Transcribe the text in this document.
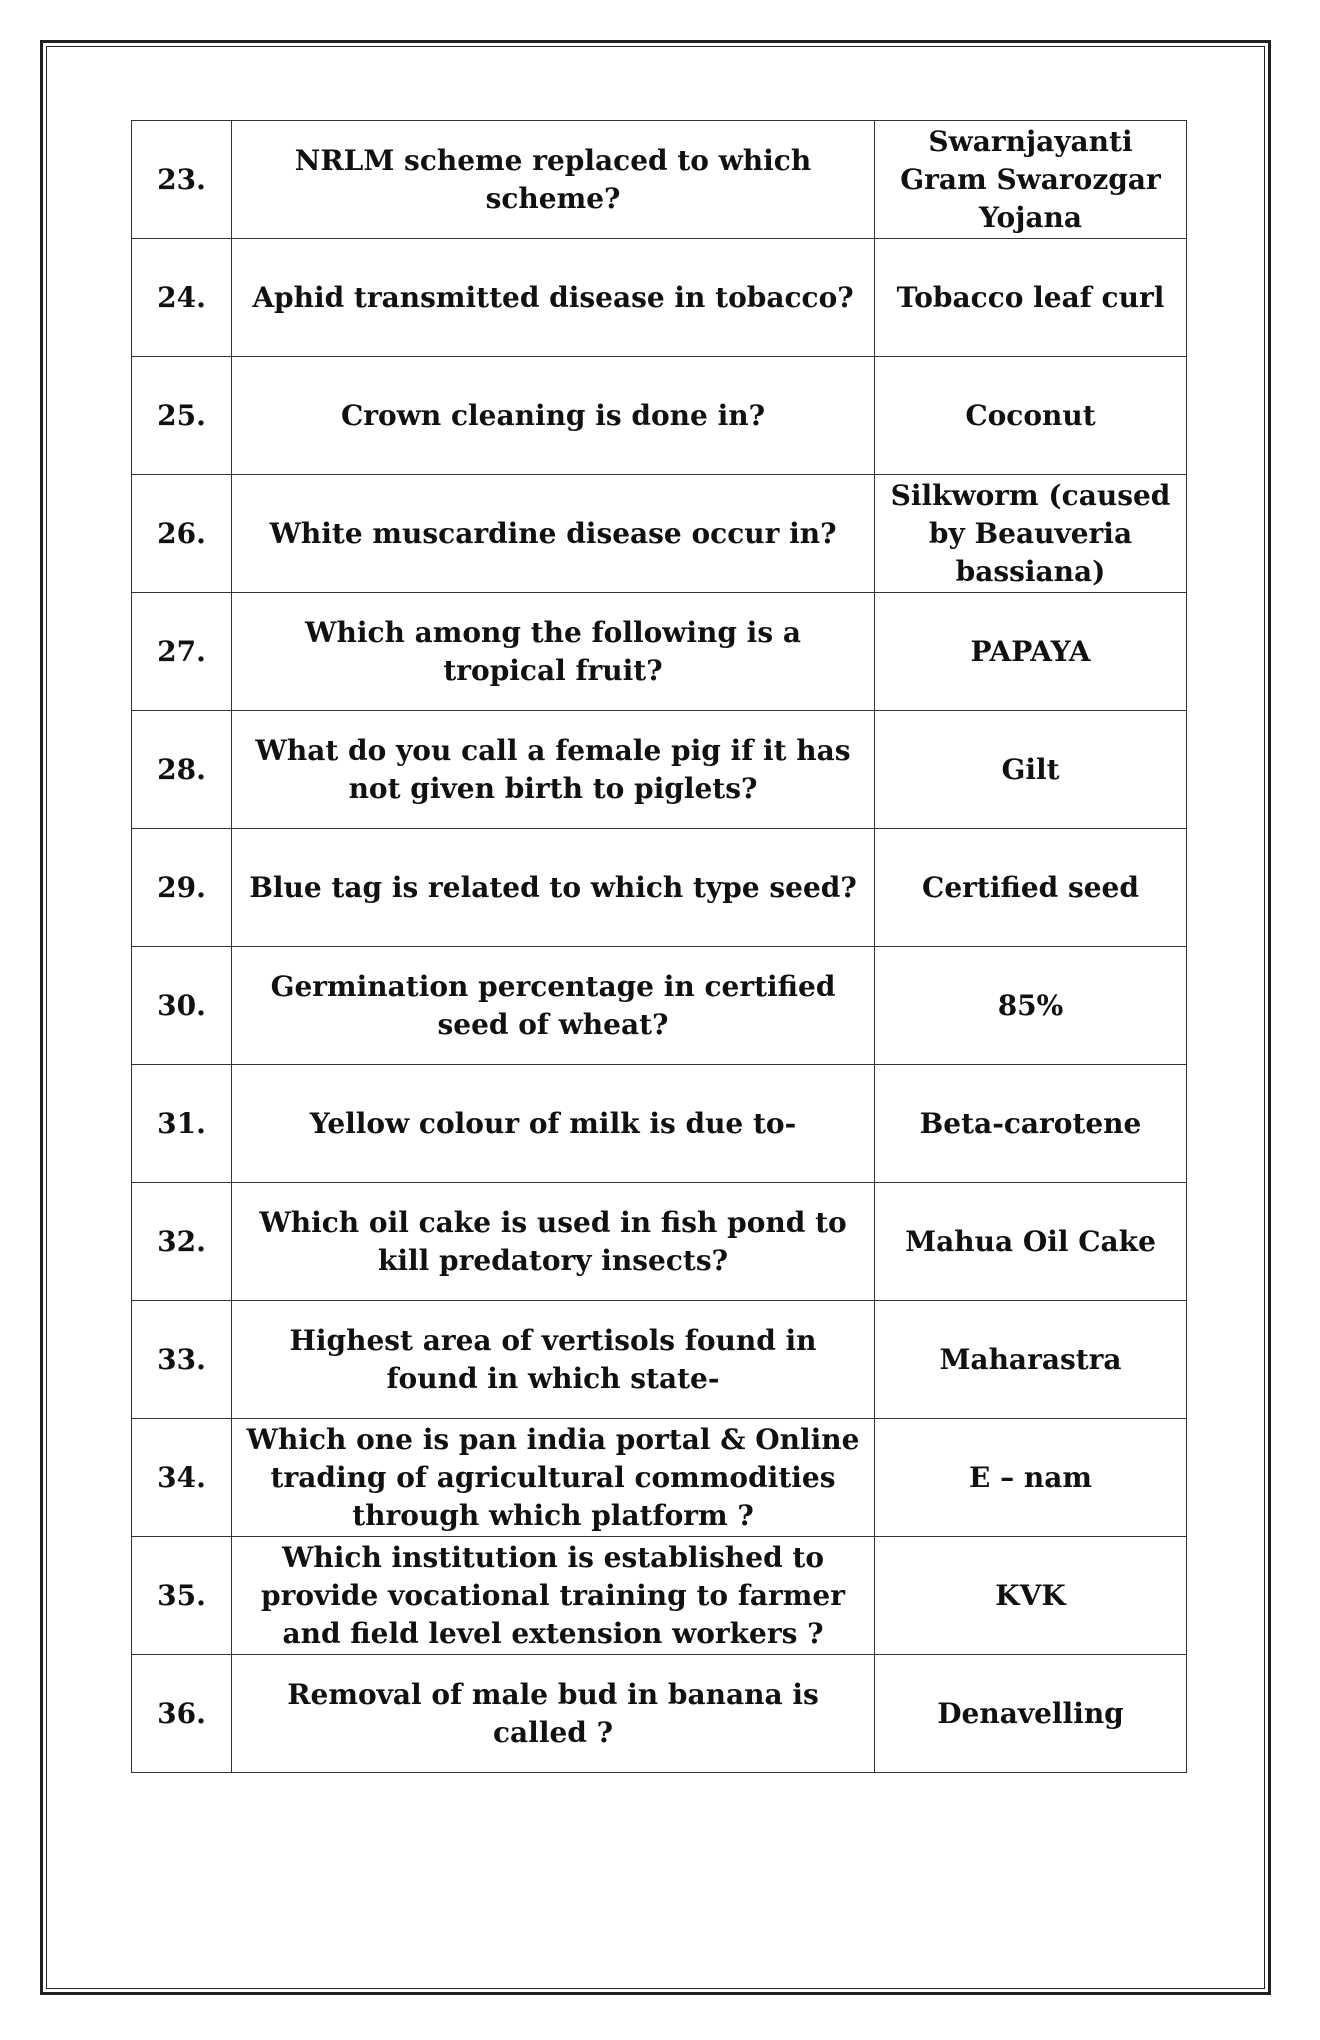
23.	NRLM scheme replaced to which scheme?	Swarnjayanti Gram Swarozgar Yojana
24.	Aphid transmitted disease in tobacco?	Tobacco leaf curl
25.	Crown cleaning is done in?	Coconut
26.	White muscardine disease occur in?	Silkworm (caused by Beauveria bassiana)
27.	Which among the following is a tropical fruit?	PAPAYA
28.	What do you call a female pig if it has not given birth to piglets?	Gilt
29.	Blue tag is related to which type seed?	Certified seed
30.	Germination percentage in certified seed of wheat?	85%
31.	Yellow colour of milk is due to-	Beta-carotene
32.	Which oil cake is used in fish pond to kill predatory insects?	Mahua Oil Cake
33.	Highest area of vertisols found in found in which state-	Maharastra
34.	Which one is pan india portal & Online trading of agricultural commodities through which platform ?	E – nam
35.	Which institution is established to provide vocational training to farmer and field level extension workers ?	KVK
36.	Removal of male bud in banana is called ?	Denavelling
